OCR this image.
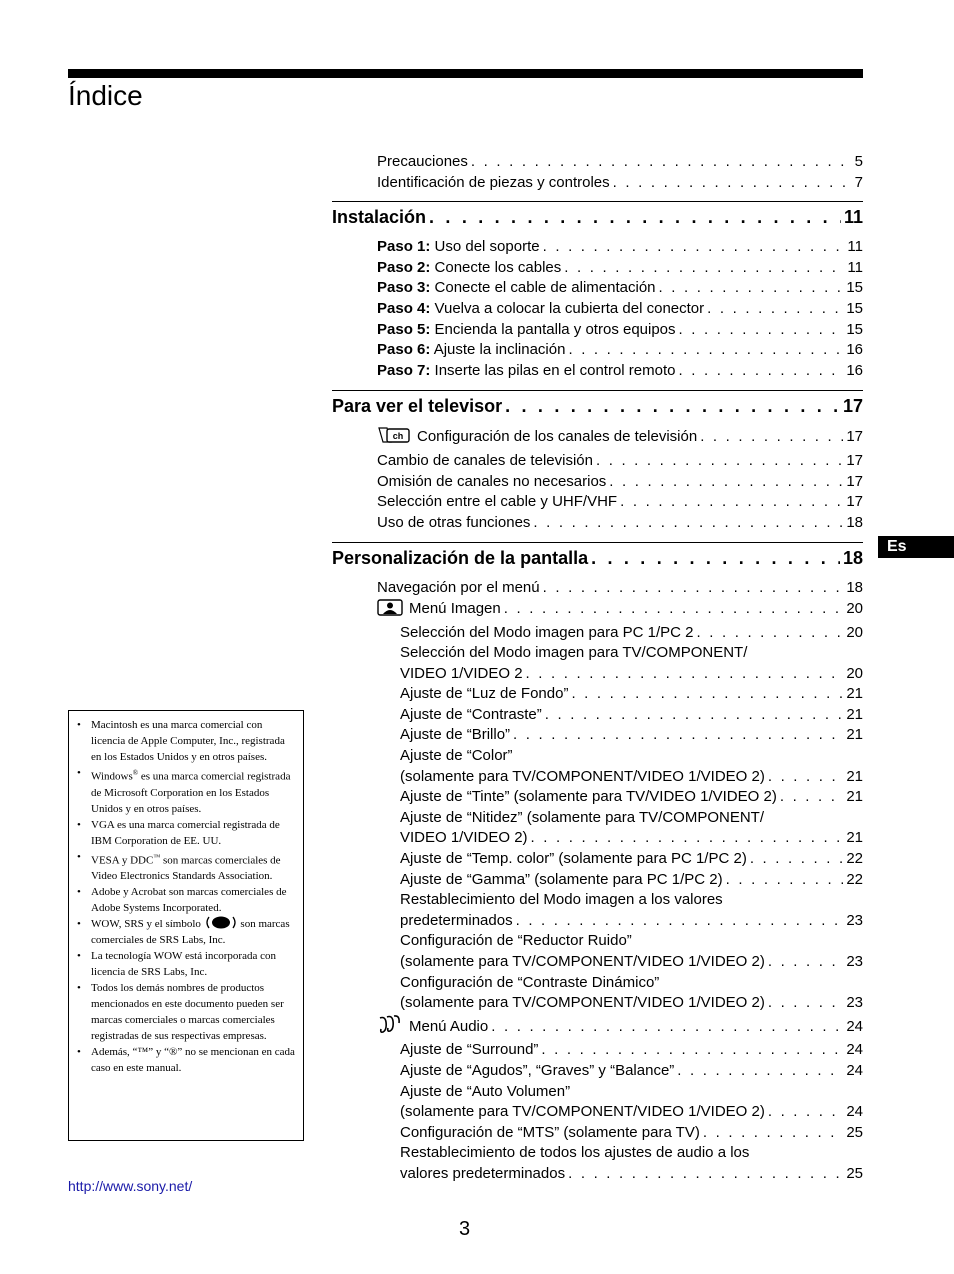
Índice
Precauciones . . .	5
Identificación de piezas y controles . . .	7
Instalación . . .	11
Paso 1: Uso del soporte . . .	11
Paso 2: Conecte los cables . . .	11
Paso 3: Conecte el cable de alimentación . . .	15
Paso 4: Vuelva a colocar la cubierta del conector . . .	15
Paso 5: Encienda la pantalla y otros equipos . . .	15
Paso 6: Ajuste la inclinación . . .	16
Paso 7: Inserte las pilas en el control remoto . . .	16
Para ver el televisor . . .	17
ch Configuración de los canales de televisión . . .	17
Cambio de canales de televisión . . .	17
Omisión de canales no necesarios . . .	17
Selección entre el cable y UHF/VHF . . .	17
Uso de otras funciones . . .	18
Personalización de la pantalla . . .	18
Navegación por el menú . . .	18
Menú Imagen . . .	20
Selección del Modo imagen para PC 1/PC 2 . . .	20
Selección del Modo imagen para TV/COMPONENT/
VIDEO 1/VIDEO 2 . . .	20
Ajuste de “Luz de Fondo” . . .	21
Ajuste de “Contraste” . . .	21
Ajuste de “Brillo” . . .	21
Ajuste de “Color”
(solamente para TV/COMPONENT/VIDEO 1/VIDEO 2) . . .	21
Ajuste de “Tinte” (solamente para TV/VIDEO 1/VIDEO 2) . . .	21
Ajuste de “Nitidez” (solamente para TV/COMPONENT/
VIDEO 1/VIDEO 2) . . .	21
Ajuste de “Temp. color” (solamente para PC 1/PC 2) . . .	22
Ajuste de “Gamma” (solamente para PC 1/PC 2) . . .	22
Restablecimiento del Modo imagen a los valores
predeterminados . . .	23
Configuración de “Reductor Ruido”
(solamente para TV/COMPONENT/VIDEO 1/VIDEO 2) . . .	23
Configuración de “Contraste Dinámico”
(solamente para TV/COMPONENT/VIDEO 1/VIDEO 2) . . .	23
Menú Audio . . .	24
Ajuste de “Surround” . . .	24
Ajuste de “Agudos”, “Graves” y “Balance” . . .	24
Ajuste de “Auto Volumen”
(solamente para TV/COMPONENT/VIDEO 1/VIDEO 2) . . .	24
Configuración de “MTS” (solamente para TV) . . .	25
Restablecimiento de todos los ajustes de audio a los
valores predeterminados . . .	25
Es
• Macintosh es una marca comercial con licencia de Apple Computer, Inc., registrada en los Estados Unidos y en otros países.
• Windows® es una marca comercial registrada de Microsoft Corporation en los Estados Unidos y en otros países.
• VGA es una marca comercial registrada de IBM Corporation de EE. UU.
• VESA y DDC™ son marcas comerciales de Video Electronics Standards Association.
• Adobe y Acrobat son marcas comerciales de Adobe Systems Incorporated.
• WOW, SRS y el símbolo	son marcas comerciales de SRS Labs, Inc.
• La tecnología WOW está incorporada con licencia de SRS Labs, Inc.
• Todos los demás nombres de productos mencionados en este documento pueden ser marcas comerciales o marcas comerciales registradas de sus respectivas empresas.
• Además, “™” y “®” no se mencionan en cada caso en este manual.
http://www.sony.net/
3
